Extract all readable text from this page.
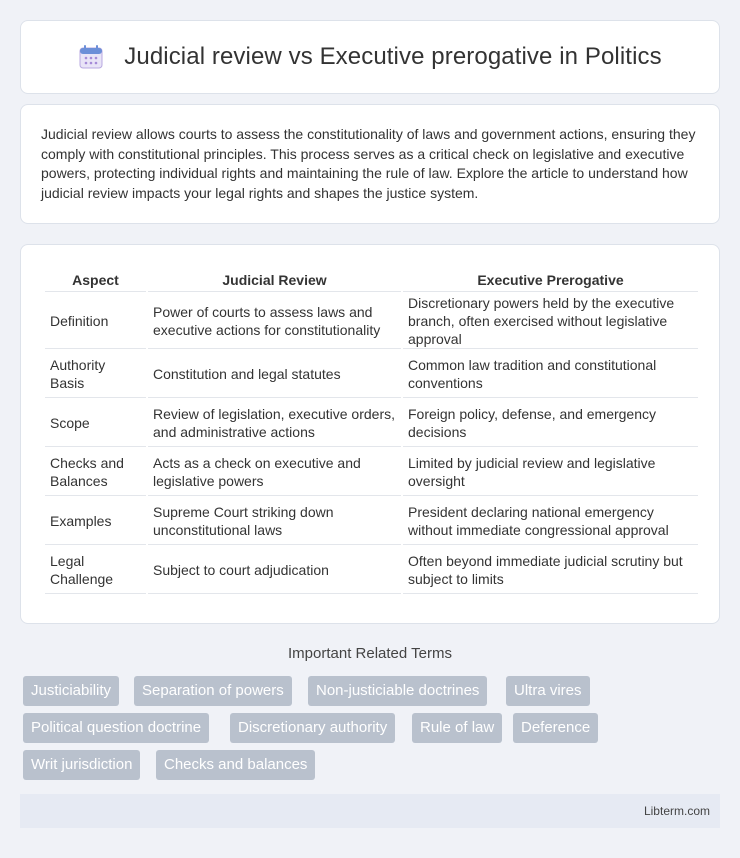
Judicial review vs Executive prerogative in Politics

Judicial review allows courts to assess the constitutionality of laws and government actions, ensuring they comply with constitutional principles. This process serves as a critical check on legislative and executive powers, protecting individual rights and maintaining the rule of law. Explore the article to understand how judicial review impacts your legal rights and shapes the justice system.

Aspect	Judicial Review	Executive Prerogative
Definition	Power of courts to assess laws and executive actions for constitutionality	Discretionary powers held by the executive branch, often exercised without legislative approval
Authority Basis	Constitution and legal statutes	Common law tradition and constitutional conventions
Scope	Review of legislation, executive orders, and administrative actions	Foreign policy, defense, and emergency decisions
Checks and Balances	Acts as a check on executive and legislative powers	Limited by judicial review and legislative oversight
Examples	Supreme Court striking down unconstitutional laws	President declaring national emergency without immediate congressional approval
Legal Challenge	Subject to court adjudication	Often beyond immediate judicial scrutiny but subject to limits
Important Related Terms
Justiciability	Separation of powers	Non-justiciable doctrines	Ultra vires
Political question doctrine	Discretionary authority	Rule of law	Deference
Writ jurisdiction	Checks and balances
Libterm.com
